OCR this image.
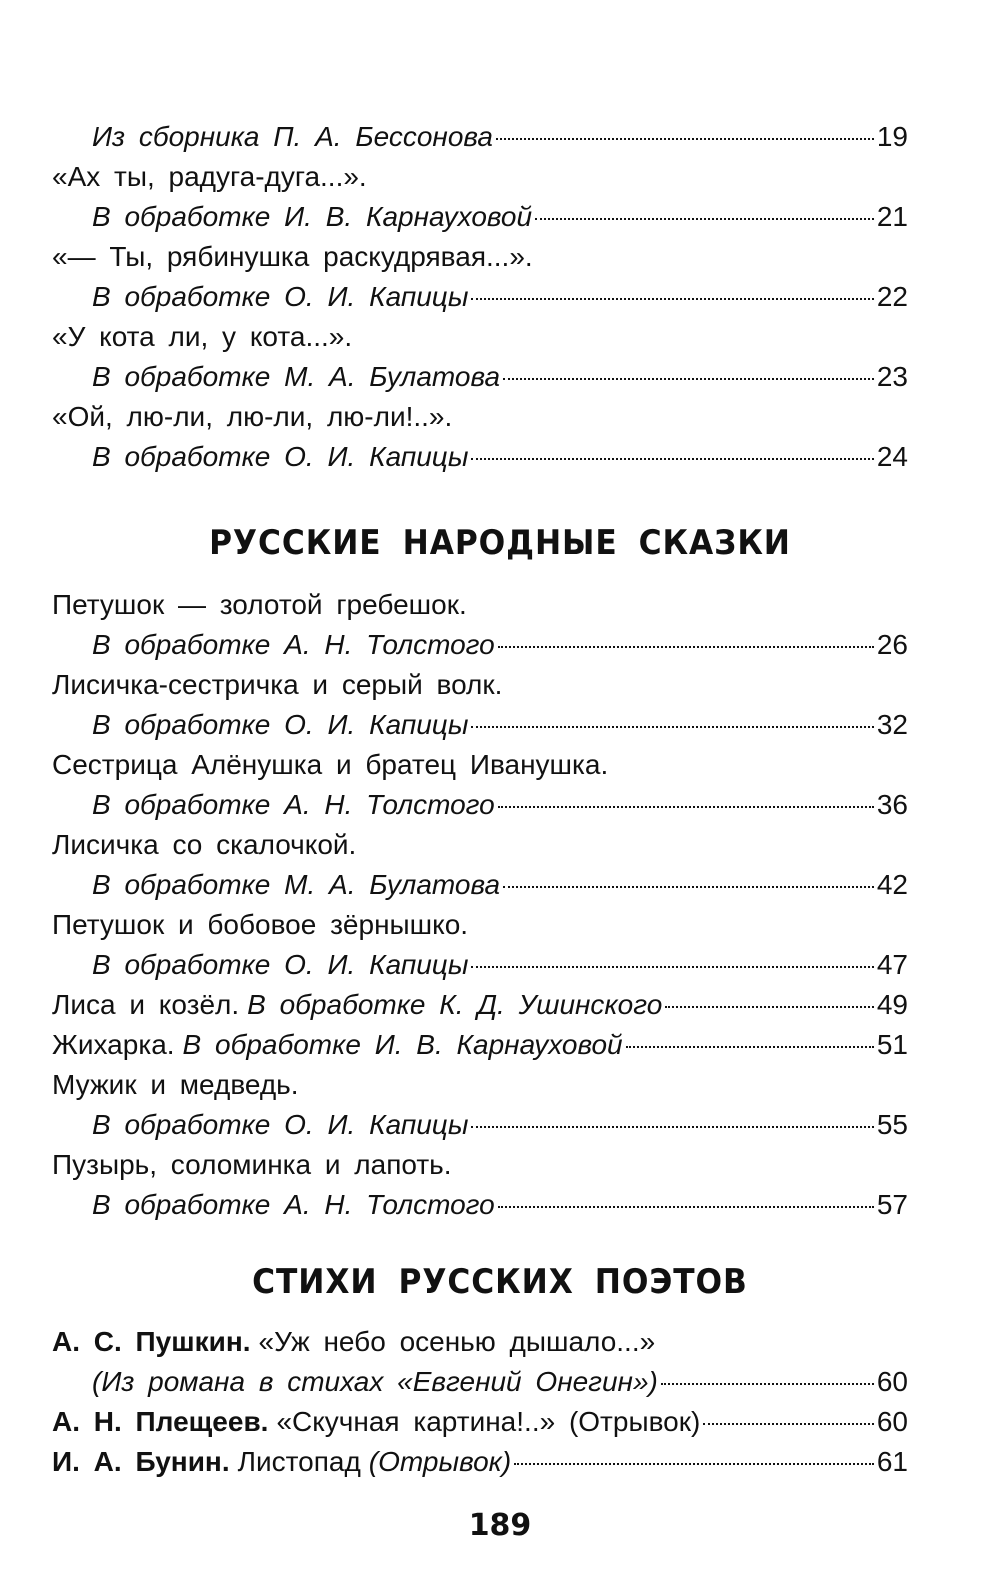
Из сборника П. А. Бессонова	19
«Ах ты, радуга-дуга...».
В обработке И. В. Карнауховой	21
«— Ты, рябинушка раскудрявая...».
В обработке О. И. Капицы	22
«У кота ли, у кота...».
В обработке М. А. Булатова	23
«Ой, лю-ли, лю-ли, лю-ли!..».
В обработке О. И. Капицы	24
РУССКИЕ НАРОДНЫЕ СКАЗКИ
Петушок — золотой гребешок.
В обработке А. Н. Толстого	26
Лисичка-сестричка и серый волк.
В обработке О. И. Капицы	32
Сестрица Алёнушка и братец Иванушка.
В обработке А. Н. Толстого	36
Лисичка со скалочкой.
В обработке М. А. Булатова	42
Петушок и бобовое зёрнышко.
В обработке О. И. Капицы	47
Лиса и козёл. В обработке К. Д. Ушинского	49
Жихарка. В обработке И. В. Карнауховой	51
Мужик и медведь.
В обработке О. И. Капицы	55
Пузырь, соломинка и лапоть.
В обработке А. Н. Толстого	57
СТИХИ РУССКИХ ПОЭТОВ
А. С. Пушкин. «Уж небо осенью дышало...»
(Из романа в стихах «Евгений Онегин»)	60
А. Н. Плещеев. «Скучная картина!..» (Отрывок)	60
И. А. Бунин. Листопад (Отрывок)	61
189
